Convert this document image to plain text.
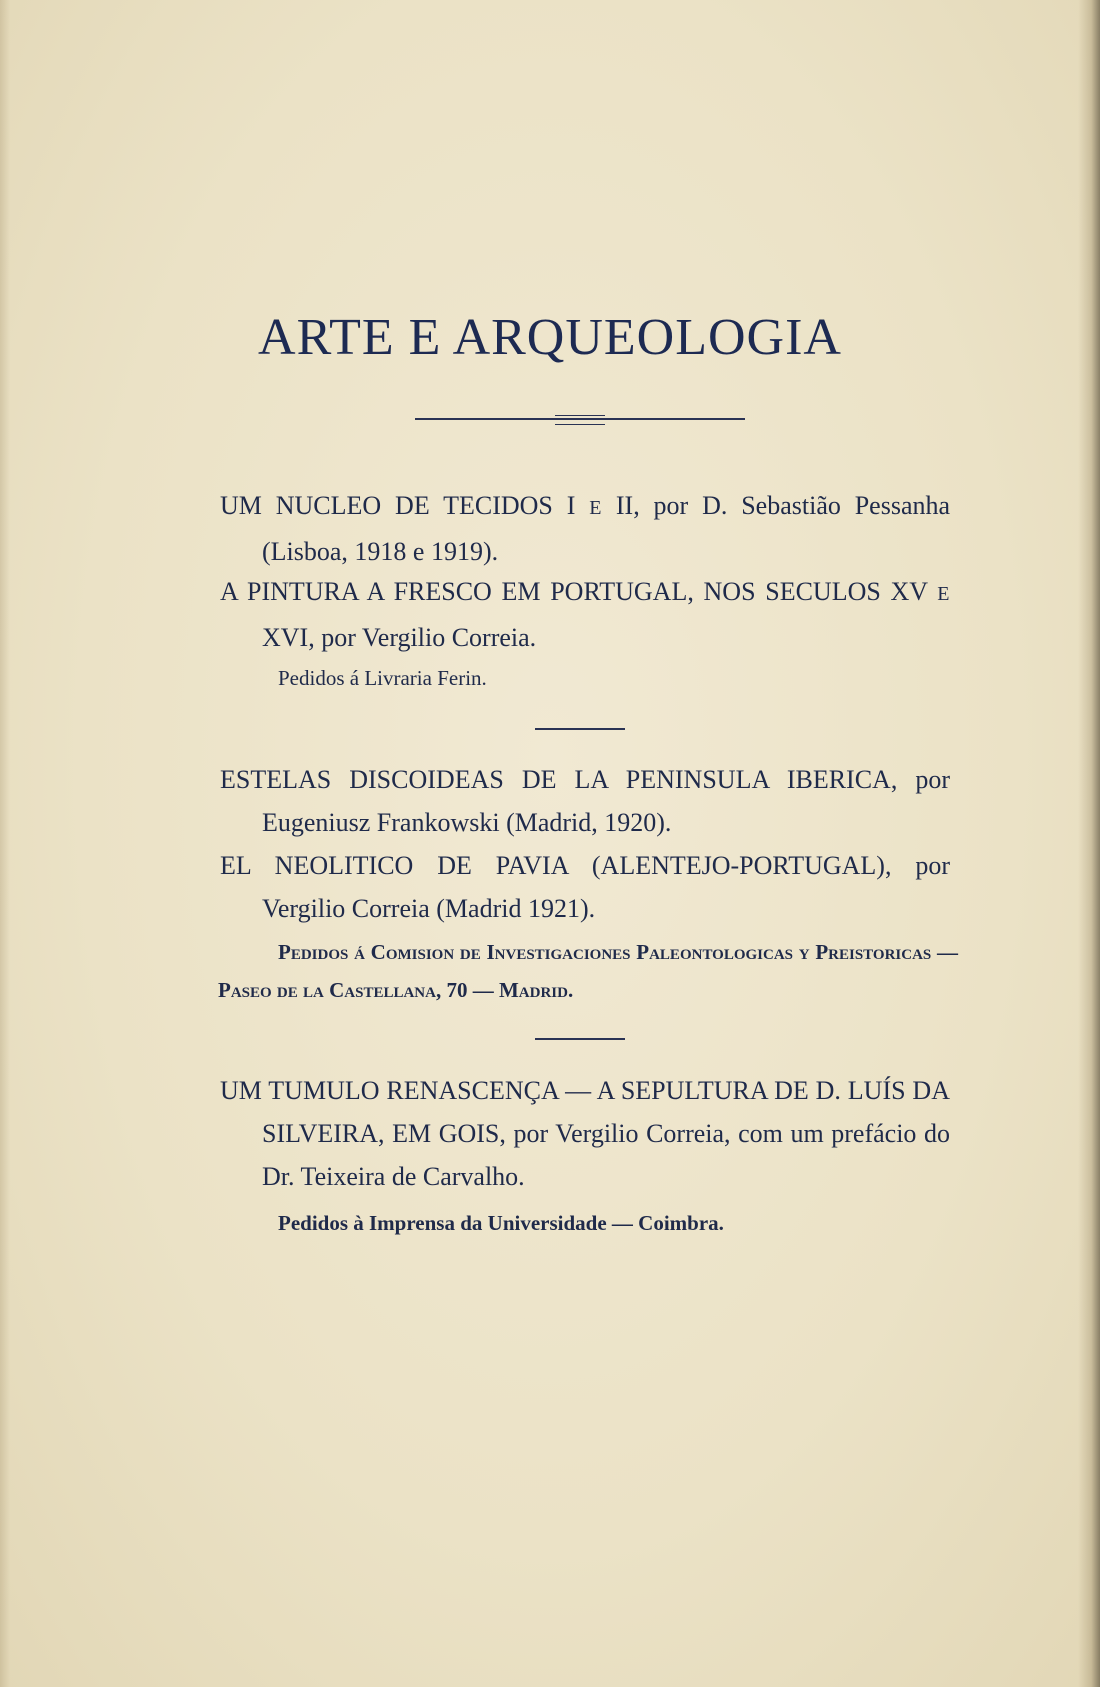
ARTE E ARQUEOLOGIA
UM NUCLEO DE TECIDOS I E II, por D. Sebastião Pessanha (Lisboa, 1918 e 1919).
A PINTURA A FRESCO EM PORTUGAL, NOS SECULOS XV E XVI, por Vergilio Correia.
Pedidos á Livraria Ferin.
ESTELAS DISCOIDEAS DE LA PENINSULA IBERICA, por Eugeniusz Frankowski (Madrid, 1920).
EL NEOLITICO DE PAVIA (ALENTEJO-PORTUGAL), por Vergilio Correia (Madrid 1921).
Pedidos á Comision de Investigaciones Paleontologicas y Preistoricas — Paseo de la Castellana, 70 — Madrid.
UM TUMULO RENASCENÇA — A SEPULTURA DE D. LUÍS DA SILVEIRA, EM GOIS, por Vergilio Correia, com um prefácio do Dr. Teixeira de Carvalho.
Pedidos à Imprensa da Universidade — Coimbra.
